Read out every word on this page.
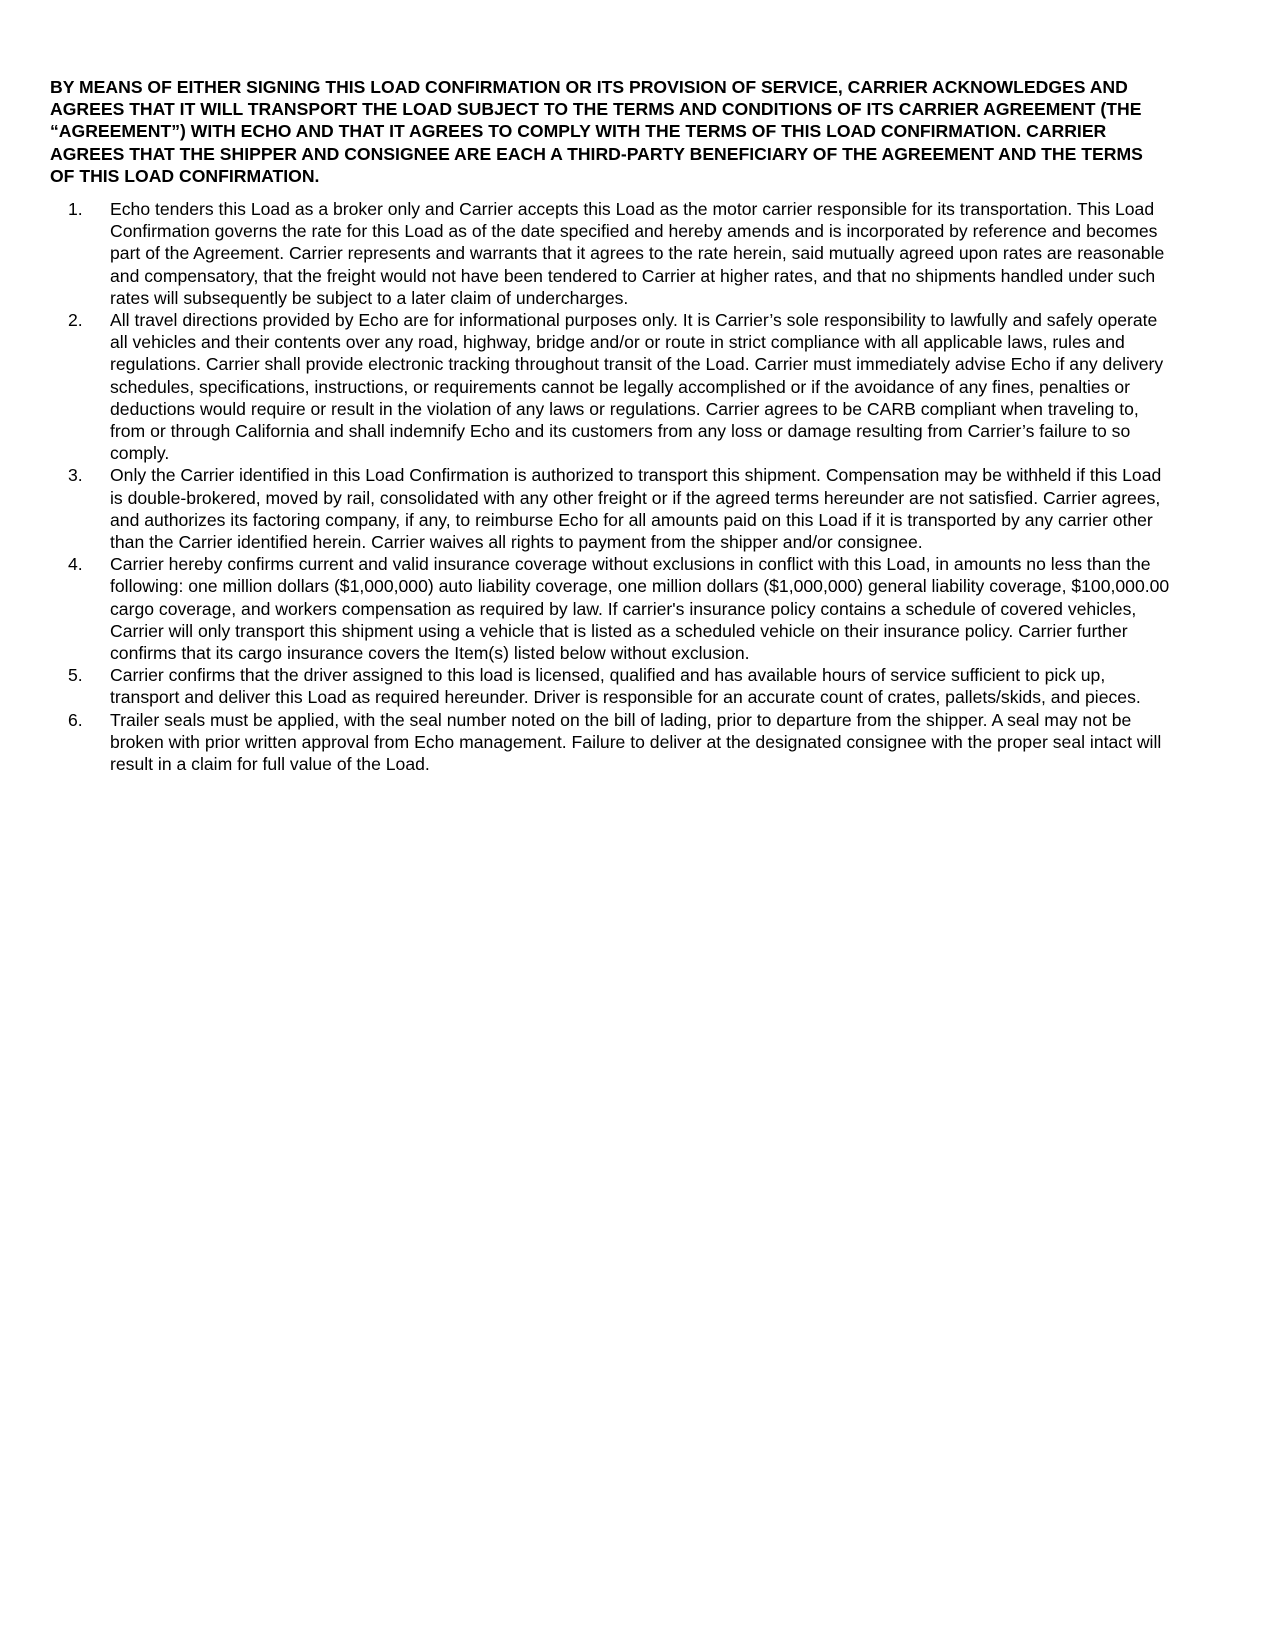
BY MEANS OF EITHER SIGNING THIS LOAD CONFIRMATION OR ITS PROVISION OF SERVICE, CARRIER ACKNOWLEDGES AND AGREES THAT IT WILL TRANSPORT THE LOAD SUBJECT TO THE TERMS AND CONDITIONS OF ITS CARRIER AGREEMENT (THE “AGREEMENT”) WITH ECHO AND THAT IT AGREES TO COMPLY WITH THE TERMS OF THIS LOAD CONFIRMATION. CARRIER AGREES THAT THE SHIPPER AND CONSIGNEE ARE EACH A THIRD-PARTY BENEFICIARY OF THE AGREEMENT AND THE TERMS OF THIS LOAD CONFIRMATION.

1. Echo tenders this Load as a broker only and Carrier accepts this Load as the motor carrier responsible for its transportation. This Load Confirmation governs the rate for this Load as of the date specified and hereby amends and is incorporated by reference and becomes part of the Agreement. Carrier represents and warrants that it agrees to the rate herein, said mutually agreed upon rates are reasonable and compensatory, that the freight would not have been tendered to Carrier at higher rates, and that no shipments handled under such rates will subsequently be subject to a later claim of undercharges.
2. All travel directions provided by Echo are for informational purposes only. It is Carrier’s sole responsibility to lawfully and safely operate all vehicles and their contents over any road, highway, bridge and/or or route in strict compliance with all applicable laws, rules and regulations. Carrier shall provide electronic tracking throughout transit of the Load. Carrier must immediately advise Echo if any delivery schedules, specifications, instructions, or requirements cannot be legally accomplished or if the avoidance of any fines, penalties or deductions would require or result in the violation of any laws or regulations. Carrier agrees to be CARB compliant when traveling to, from or through California and shall indemnify Echo and its customers from any loss or damage resulting from Carrier’s failure to so comply.
3. Only the Carrier identified in this Load Confirmation is authorized to transport this shipment. Compensation may be withheld if this Load is double-brokered, moved by rail, consolidated with any other freight or if the agreed terms hereunder are not satisfied. Carrier agrees, and authorizes its factoring company, if any, to reimburse Echo for all amounts paid on this Load if it is transported by any carrier other than the Carrier identified herein. Carrier waives all rights to payment from the shipper and/or consignee.
4. Carrier hereby confirms current and valid insurance coverage without exclusions in conflict with this Load, in amounts no less than the following: one million dollars ($1,000,000) auto liability coverage, one million dollars ($1,000,000) general liability coverage, $100,000.00 cargo coverage, and workers compensation as required by law. If carrier's insurance policy contains a schedule of covered vehicles, Carrier will only transport this shipment using a vehicle that is listed as a scheduled vehicle on their insurance policy. Carrier further confirms that its cargo insurance covers the Item(s) listed below without exclusion.
5. Carrier confirms that the driver assigned to this load is licensed, qualified and has available hours of service sufficient to pick up, transport and deliver this Load as required hereunder. Driver is responsible for an accurate count of crates, pallets/skids, and pieces.
6. Trailer seals must be applied, with the seal number noted on the bill of lading, prior to departure from the shipper. A seal may not be broken with prior written approval from Echo management. Failure to deliver at the designated consignee with the proper seal intact will result in a claim for full value of the Load.
